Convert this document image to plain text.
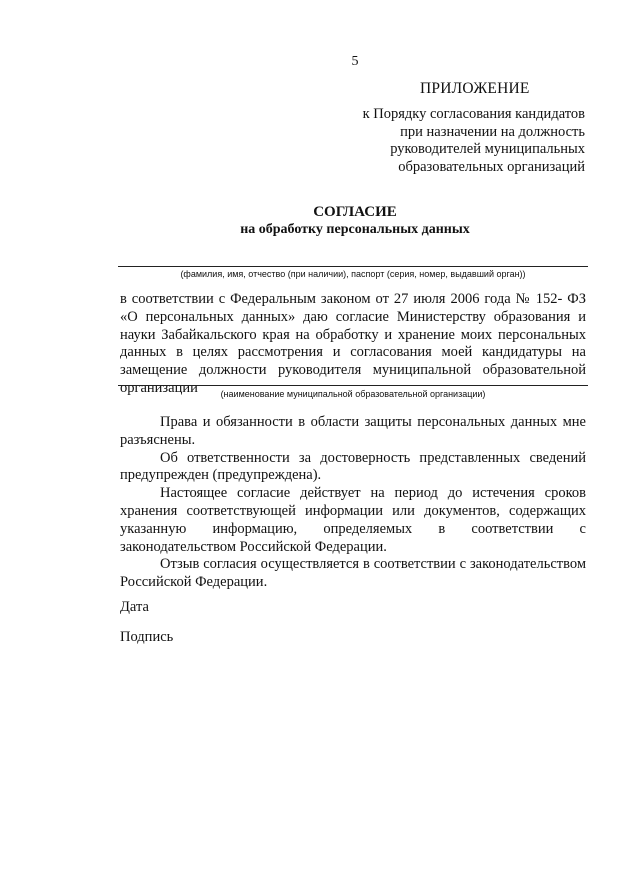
5
ПРИЛОЖЕНИЕ
к Порядку согласования кандидатов
при назначении на должность
руководителей муниципальных
образовательных организаций
СОГЛАСИЕ
на обработку персональных данных
(фамилия, имя, отчество (при наличии), паспорт (серия, номер, выдавший орган))
в соответствии с Федеральным законом от 27 июля 2006 года № 152- ФЗ «О персональных данных» даю согласие Министерству образования и науки Забайкальского края на обработку и хранение моих персональных данных в целях рассмотрения и согласования моей кандидатуры на замещение должности руководителя муниципальной образовательной организации	(наименование муниципальной образовательной организации)

Права и обязанности в области защиты персональных данных мне разъяснены.

Об ответственности за достоверность представленных сведений предупрежден (предупреждена).

Настоящее согласие действует на период до истечения сроков хранения соответствующей информации или документов, содержащих указанную информацию, определяемых в соответствии с законодательством Российской Федерации.

Отзыв согласия осуществляется в соответствии с законодательством Российской Федерации.

Дата
Подпись
